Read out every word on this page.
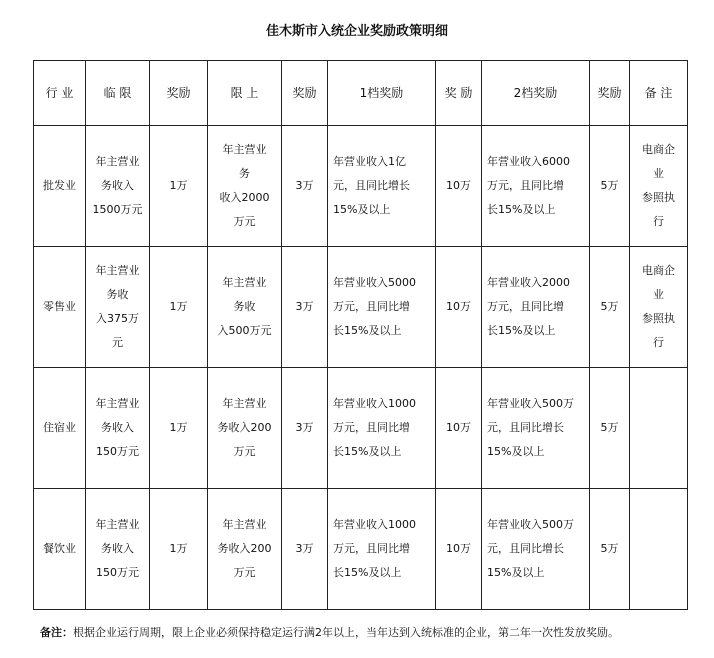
佳木斯市入统企业奖励政策明细
行 业	临 限	奖励	限 上	奖励	1档奖励	奖 励	2档奖励	奖励	备 注
批发业	年主营业
务收入
1500万元	1万	年主营业
务
收入2000
万元	3万	年营业收入1亿
元，且同比增长
15%及以上	10万	年营业收入6000
万元，且同比增
长15%及以上	5万	电商企
业
参照执
行
零售业	年主营业
务收
入375万
元	1万	年主营业
务收
入500万元	3万	年营业收入5000
万元，且同比增
长15%及以上	10万	年营业收入2000
万元，且同比增
长15%及以上	5万	电商企
业
参照执
行
住宿业	年主营业
务收入
150万元	1万	年主营业
务收入200
万元	3万	年营业收入1000
万元，且同比增
长15%及以上	10万	年营业收入500万
元，且同比增长
15%及以上	5万	
餐饮业	年主营业
务收入
150万元	1万	年主营业
务收入200
万元	3万	年营业收入1000
万元，且同比增
长15%及以上	10万	年营业收入500万
元，且同比增长
15%及以上	5万	
备注：根据企业运行周期，限上企业必须保持稳定运行满2年以上，当年达到入统标准的企业，第二年一次性发放奖励。
